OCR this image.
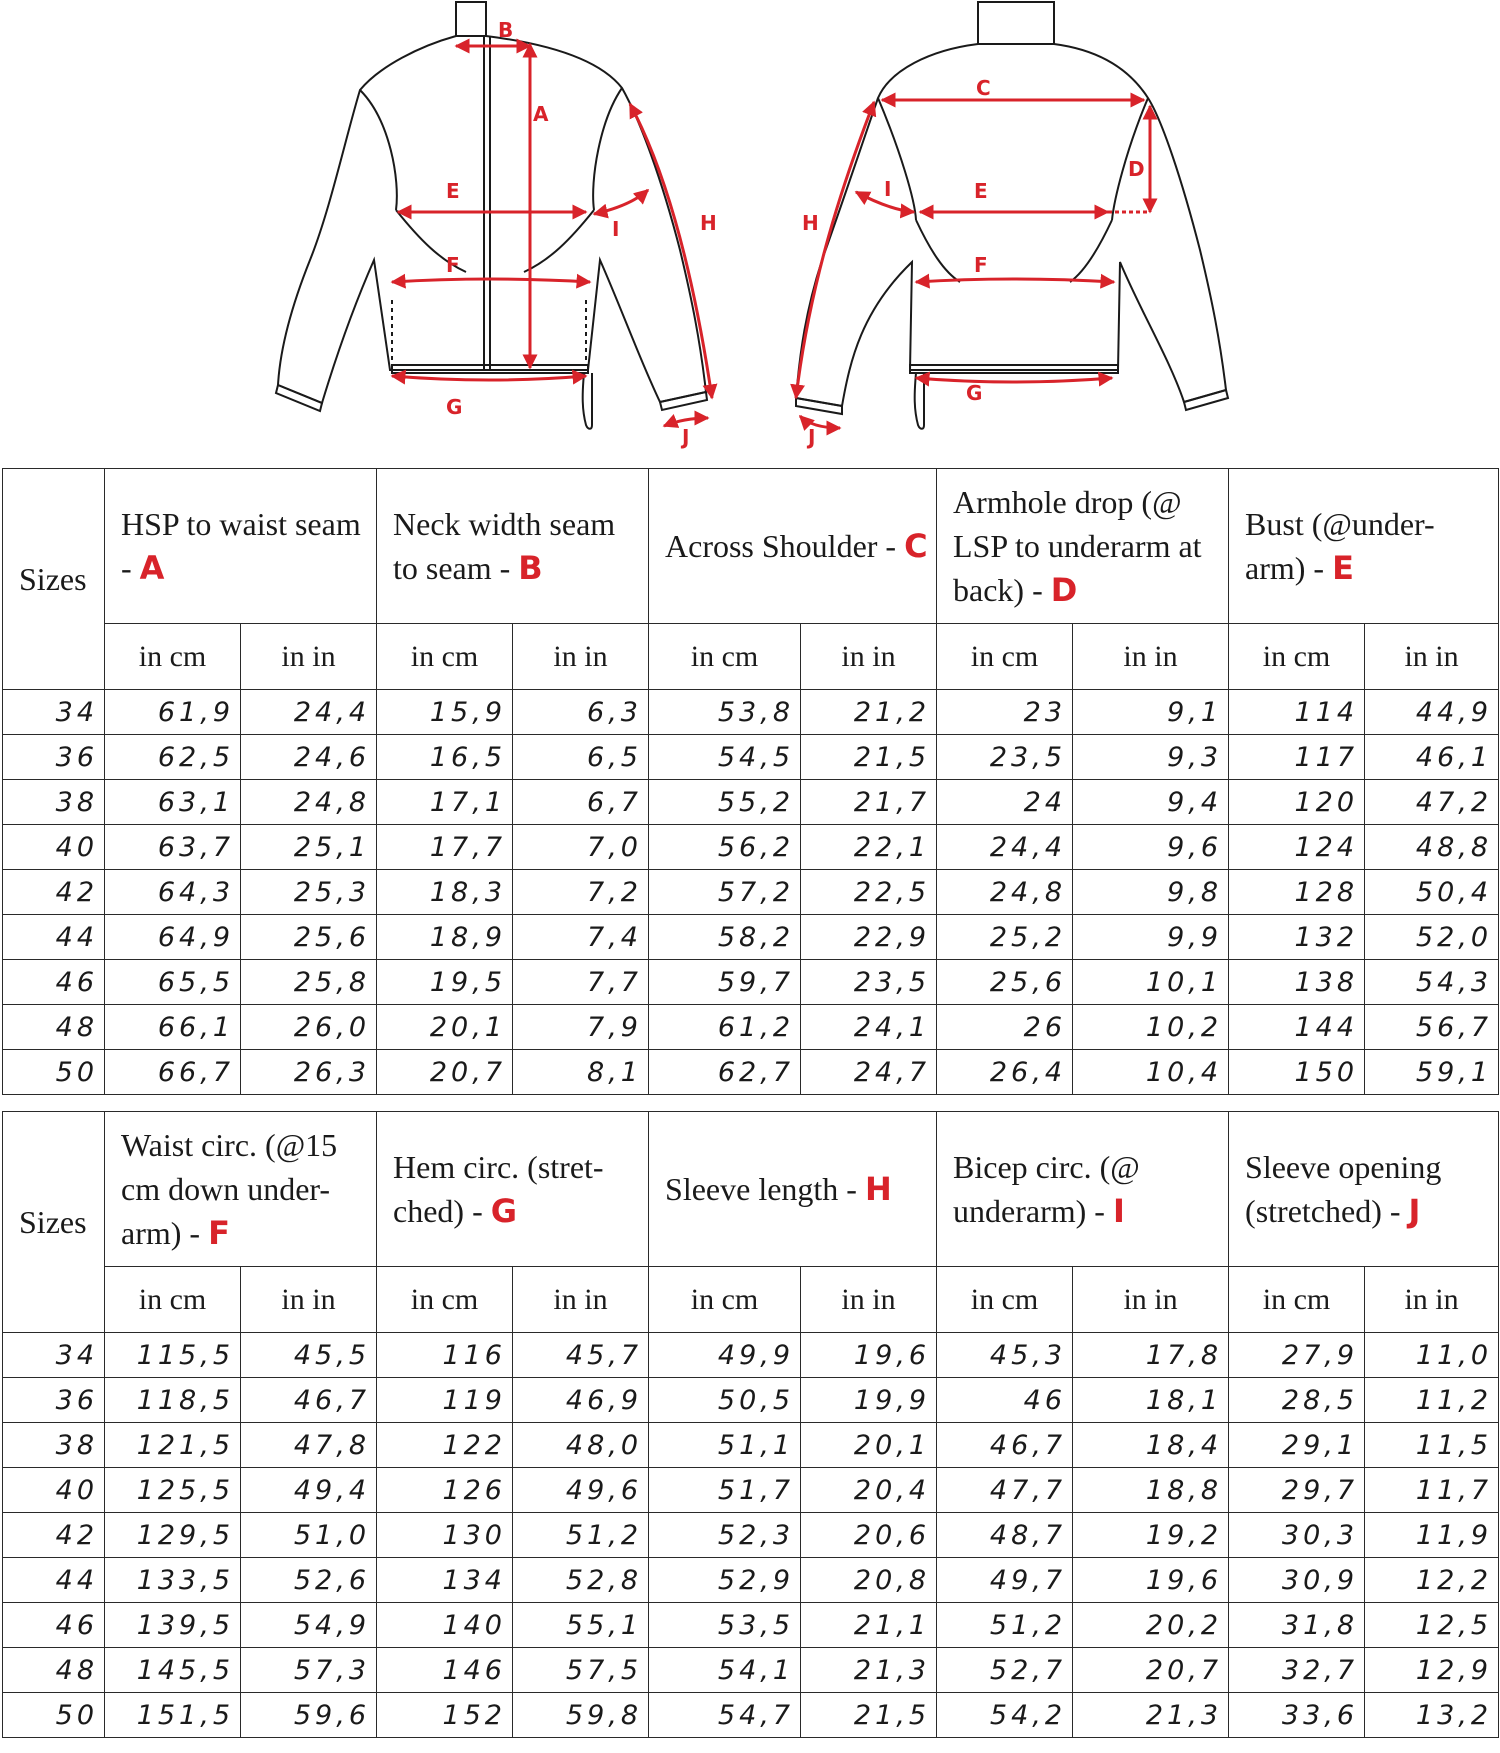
B
A
E
F
G
H
I
J
C
D
E
F
G
H
I
J
Sizes	HSP to waist seam - A		Neck width seam to seam - B		Across Shoulder - C		Armhole drop (@ LSP to underarm at back) - D		Bust (@under-arm) - E	
	in cm	in in	in cm	in in	in cm	in in	in cm	in in	in cm	in in
34	61,9	24,4	15,9	6,3	53,8	21,2	23	9,1	114	44,9
36	62,5	24,6	16,5	6,5	54,5	21,5	23,5	9,3	117	46,1
38	63,1	24,8	17,1	6,7	55,2	21,7	24	9,4	120	47,2
40	63,7	25,1	17,7	7,0	56,2	22,1	24,4	9,6	124	48,8
42	64,3	25,3	18,3	7,2	57,2	22,5	24,8	9,8	128	50,4
44	64,9	25,6	18,9	7,4	58,2	22,9	25,2	9,9	132	52,0
46	65,5	25,8	19,5	7,7	59,7	23,5	25,6	10,1	138	54,3
48	66,1	26,0	20,1	7,9	61,2	24,1	26	10,2	144	56,7
50	66,7	26,3	20,7	8,1	62,7	24,7	26,4	10,4	150	59,1
Sizes	Waist circ. (@15 cm down under-arm) - F		Hem circ. (stret-ched) - G		Sleeve length - H		Bicep circ. (@ underarm) - I		Sleeve opening (stretched) - J	
	in cm	in in	in cm	in in	in cm	in in	in cm	in in	in cm	in in
34	115,5	45,5	116	45,7	49,9	19,6	45,3	17,8	27,9	11,0
36	118,5	46,7	119	46,9	50,5	19,9	46	18,1	28,5	11,2
38	121,5	47,8	122	48,0	51,1	20,1	46,7	18,4	29,1	11,5
40	125,5	49,4	126	49,6	51,7	20,4	47,7	18,8	29,7	11,7
42	129,5	51,0	130	51,2	52,3	20,6	48,7	19,2	30,3	11,9
44	133,5	52,6	134	52,8	52,9	20,8	49,7	19,6	30,9	12,2
46	139,5	54,9	140	55,1	53,5	21,1	51,2	20,2	31,8	12,5
48	145,5	57,3	146	57,5	54,1	21,3	52,7	20,7	32,7	12,9
50	151,5	59,6	152	59,8	54,7	21,5	54,2	21,3	33,6	13,2
